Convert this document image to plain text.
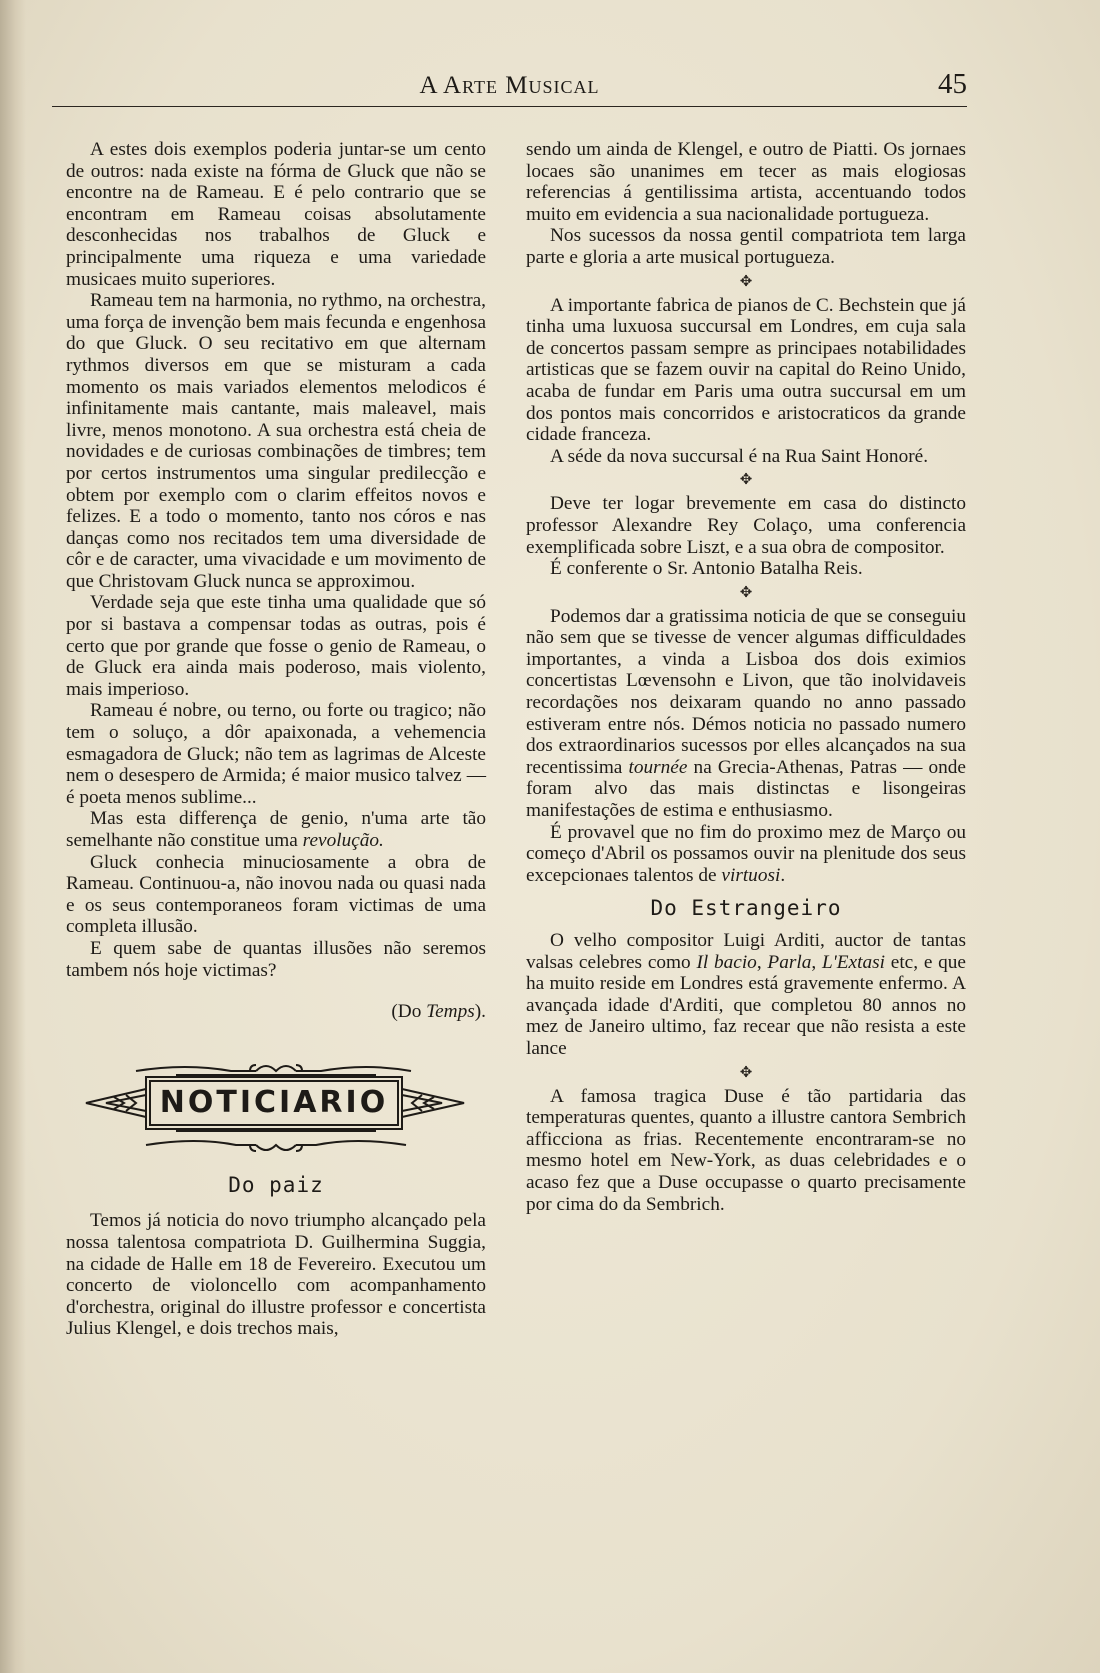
A Arte Musical	45

A estes dois exemplos poderia juntar-se um cento de outros: nada existe na fórma de Gluck que não se encontre na de Rameau. E é pelo contrario que se encontram em Rameau coisas absolutamente desconhecidas nos trabalhos de Gluck e principalmente uma riqueza e uma variedade musicaes muito superiores.

Rameau tem na harmonia, no rythmo, na orchestra, uma força de invenção bem mais fecunda e engenhosa do que Gluck. O seu recitativo em que alternam rythmos diversos em que se misturam a cada momento os mais variados elementos melodicos é infinitamente mais cantante, mais maleavel, mais livre, menos monotono. A sua orchestra está cheia de novidades e de curiosas combinações de timbres; tem por certos instrumentos uma singular predilecção e obtem por exemplo com o clarim effeitos novos e felizes. E a todo o momento, tanto nos córos e nas danças como nos recitados tem uma diversidade de côr e de caracter, uma vivacidade e um movimento de que Christovam Gluck nunca se approximou.

Verdade seja que este tinha uma qualidade que só por si bastava a compensar todas as outras, pois é certo que por grande que fosse o genio de Rameau, o de Gluck era ainda mais poderoso, mais violento, mais imperioso.

Rameau é nobre, ou terno, ou forte ou tragico; não tem o soluço, a dôr apaixonada, a vehemencia esmagadora de Gluck; não tem as lagrimas de Alceste nem o desespero de Armida; é maior musico talvez — é poeta menos sublime...

Mas esta differença de genio, n'uma arte tão semelhante não constitue uma revolução.

Gluck conhecia minuciosamente a obra de Rameau. Continuou-a, não inovou nada ou quasi nada e os seus contemporaneos foram victimas de uma completa illusão.

E quem sabe de quantas illusões não seremos tambem nós hoje victimas?

(Do Temps).
NOTICIARIO
Do paiz

Temos já noticia do novo triumpho alcançado pela nossa talentosa compatriota D. Guilhermina Suggia, na cidade de Halle em 18 de Fevereiro. Executou um concerto de violoncello com acompanhamento d'orchestra, original do illustre professor e concertista Julius Klengel, e dois trechos mais,

sendo um ainda de Klengel, e outro de Piatti. Os jornaes locaes são unanimes em tecer as mais elogiosas referencias á gentilissima artista, accentuando todos muito em evidencia a sua nacionalidade portugueza.

Nos sucessos da nossa gentil compatriota tem larga parte e gloria a arte musical portugueza.

✥

A importante fabrica de pianos de C. Bechstein que já tinha uma luxuosa succursal em Londres, em cuja sala de concertos passam sempre as principaes notabilidades artisticas que se fazem ouvir na capital do Reino Unido, acaba de fundar em Paris uma outra succursal em um dos pontos mais concorridos e aristocraticos da grande cidade franceza.

A séde da nova succursal é na Rua Saint Honoré.

✥

Deve ter logar brevemente em casa do distincto professor Alexandre Rey Colaço, uma conferencia exemplificada sobre Liszt, e a sua obra de compositor.

É conferente o Sr. Antonio Batalha Reis.

✥

Podemos dar a gratissima noticia de que se conseguiu não sem que se tivesse de vencer algumas difficuldades importantes, a vinda a Lisboa dos dois eximios concertistas Lœvensohn e Livon, que tão inolvidaveis recordações nos deixaram quando no anno passado estiveram entre nós. Démos noticia no passado numero dos extraordinarios sucessos por elles alcançados na sua recentissima tournée na Grecia-Athenas, Patras — onde foram alvo das mais distinctas e lisongeiras manifestações de estima e enthusiasmo.

É provavel que no fim do proximo mez de Março ou começo d'Abril os possamos ouvir na plenitude dos seus excepcionaes talentos de virtuosi.

Do Estrangeiro

O velho compositor Luigi Arditi, auctor de tantas valsas celebres como Il bacio, Parla, L'Extasi etc, e que ha muito reside em Londres está gravemente enfermo. A avançada idade d'Arditi, que completou 80 annos no mez de Janeiro ultimo, faz recear que não resista a este lance

✥

A famosa tragica Duse é tão partidaria das temperaturas quentes, quanto a illustre cantora Sembrich afficciona as frias. Recentemente encontraram-se no mesmo hotel em New-York, as duas celebridades e o acaso fez que a Duse occupasse o quarto precisamente por cima do da Sembrich.
